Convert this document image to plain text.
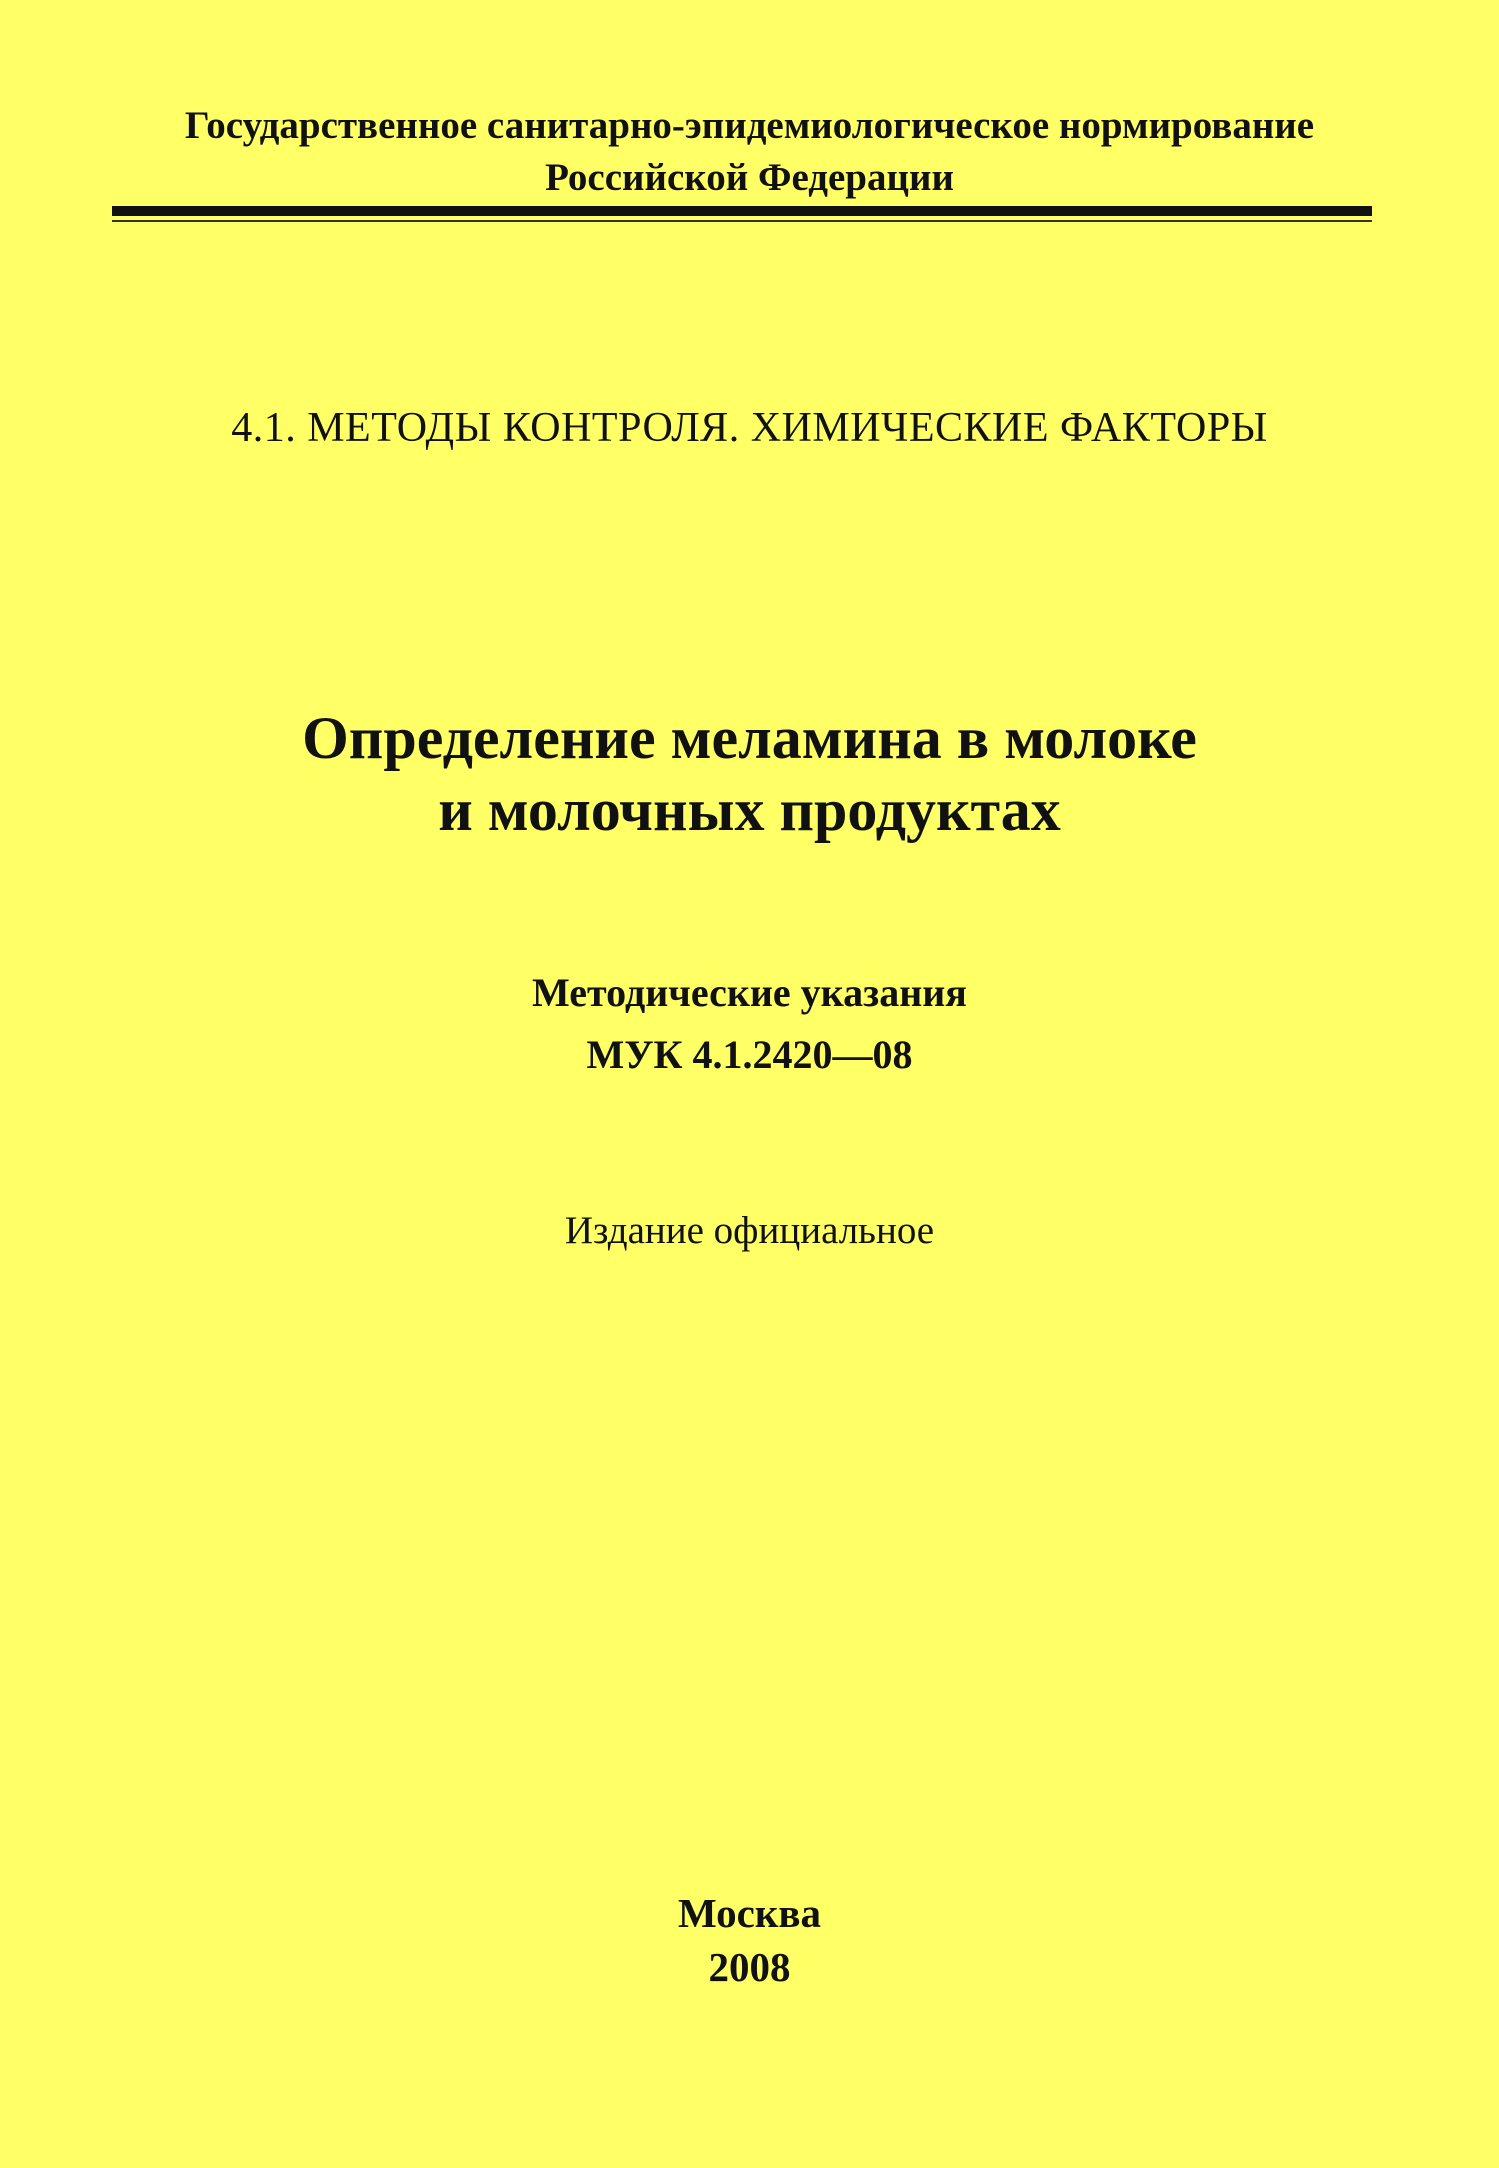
Государственное санитарно-эпидемиологическое нормирование
Российской Федерации
4.1. МЕТОДЫ КОНТРОЛЯ. ХИМИЧЕСКИЕ ФАКТОРЫ
Определение меламина в молоке
и молочных продуктах
Методические указания
МУК 4.1.2420—08
Издание официальное
Москва
2008
